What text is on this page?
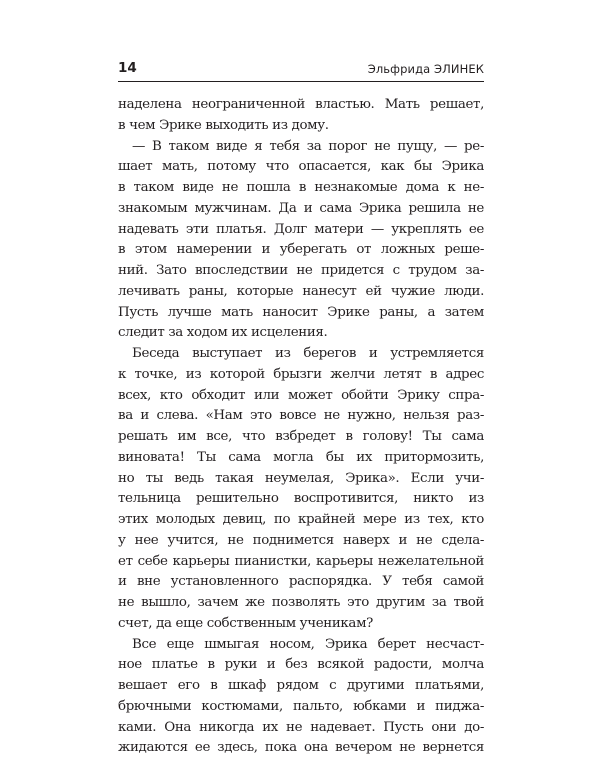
14	Эльфрида ЭЛИНЕК
наделена неограниченной властью. Мать решает,
в чем Эрике выходить из дому.
— В таком виде я тебя за порог не пущу, — ре-
шает мать, потому что опасается, как бы Эрика
в таком виде не пошла в незнакомые дома к не-
знакомым мужчинам. Да и сама Эрика решила не
надевать эти платья. Долг матери — укреплять ее
в этом намерении и уберегать от ложных реше-
ний. Зато впоследствии не придется с трудом за-
лечивать раны, которые нанесут ей чужие люди.
Пусть лучше мать наносит Эрике раны, а затем
следит за ходом их исцеления.
Беседа выступает из берегов и устремляется
к точке, из которой брызги желчи летят в адрес
всех, кто обходит или может обойти Эрику спра-
ва и слева. «Нам это вовсе не нужно, нельзя раз-
решать им все, что взбредет в голову! Ты сама
виновата! Ты сама могла бы их притормозить,
но ты ведь такая неумелая, Эрика». Если учи-
тельница решительно воспротивится, никто из
этих молодых девиц, по крайней мере из тех, кто
у нее учится, не поднимется наверх и не сдела-
ет себе карьеры пианистки, карьеры нежелательной
и вне установленного распорядка. У тебя самой
не вышло, зачем же позволять это другим за твой
счет, да еще собственным ученикам?
Все еще шмыгая носом, Эрика берет несчаст-
ное платье в руки и без всякой радости, молча
вешает его в шкаф рядом с другими платьями,
брючными костюмами, пальто, юбками и пиджа-
ками. Она никогда их не надевает. Пусть они до-
жидаются ее здесь, пока она вечером не вернется
